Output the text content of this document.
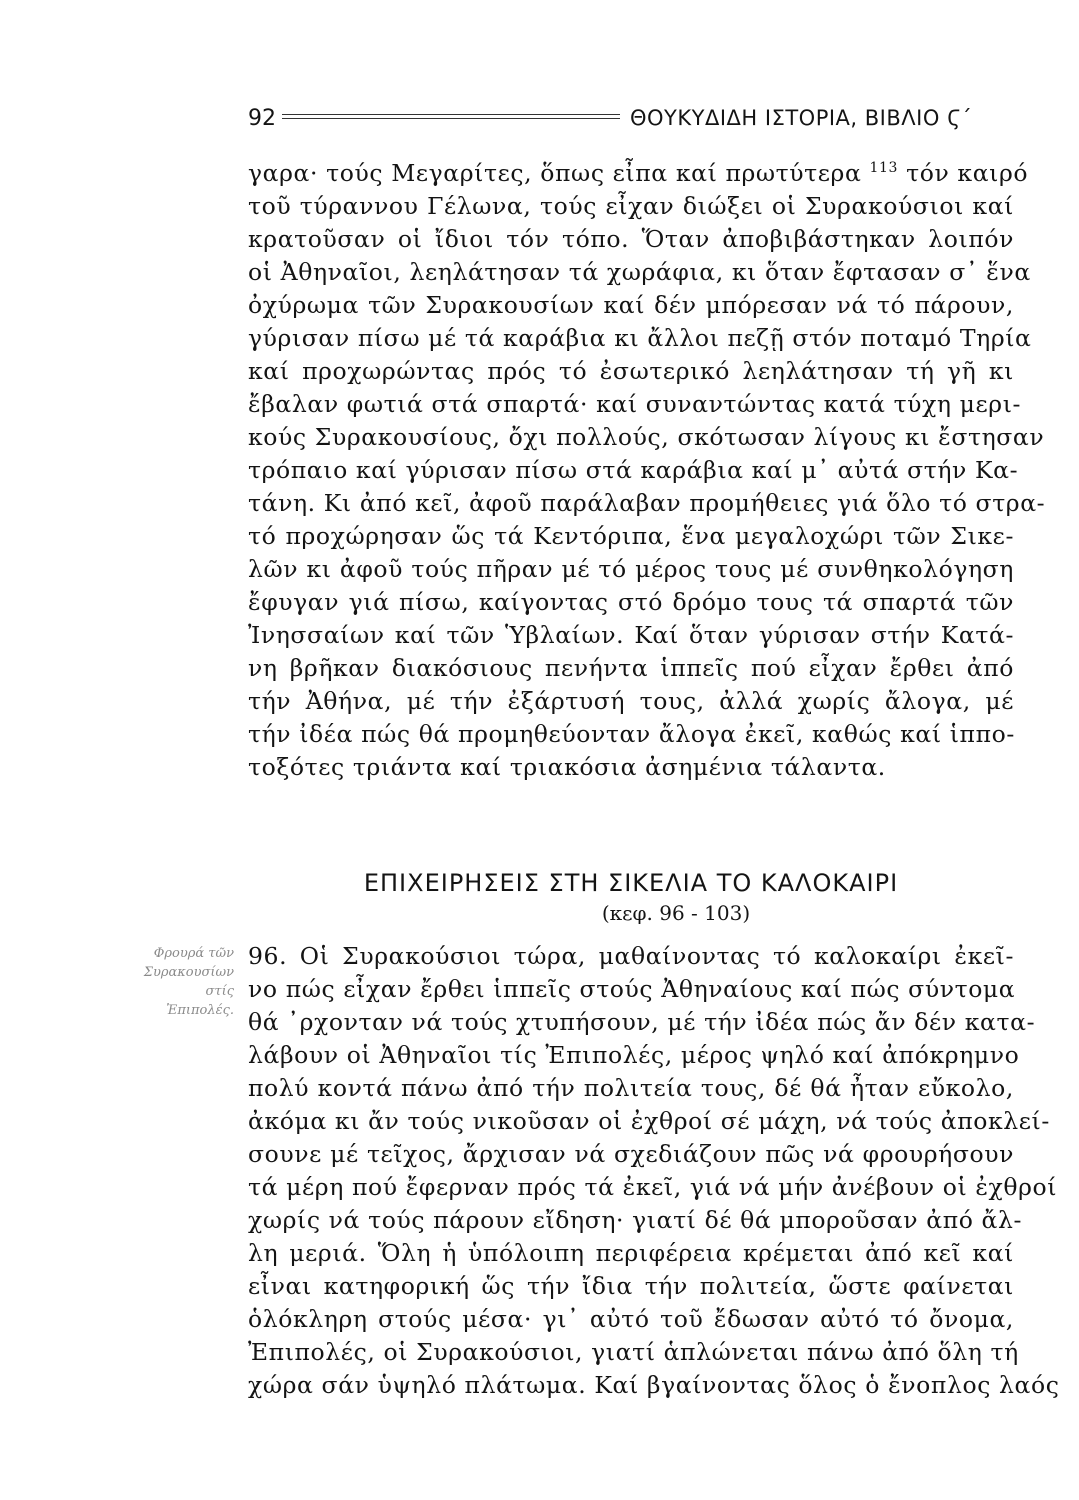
92	ΘΟΥΚΥΔΙΔΗ ΙΣΤΟΡΙΑ, ΒΙΒΛΙΟ Ϛ΄
γαρα· τούς Μεγαρίτες, ὅπως εἶπα καί πρωτύτερα $^{113}$ τόν καιρό
τοῦ τύραννου Γέλωνα, τούς εἶχαν διώξει οἱ Συρακούσιοι καί
κρατοῦσαν οἱ ἴδιοι τόν τόπο. Ὅταν ἀποβιβάστηκαν λοιπόν
οἱ Ἀθηναῖοι, λεηλάτησαν τά χωράφια, κι ὅταν ἔφτασαν σ᾿ ἕνα
ὀχύρωμα τῶν Συρακουσίων καί δέν μπόρεσαν νά τό πάρουν,
γύρισαν πίσω μέ τά καράβια κι ἄλλοι πεζῇ στόν ποταμό Τηρία
καί προχωρώντας πρός τό ἐσωτερικό λεηλάτησαν τή γῆ κι
ἔβαλαν φωτιά στά σπαρτά· καί συναντώντας κατά τύχη μερι-
κούς Συρακουσίους, ὄχι πολλούς, σκότωσαν λίγους κι ἔστησαν
τρόπαιο καί γύρισαν πίσω στά καράβια καί μ᾿ αὐτά στήν Κα-
τάνη. Κι ἀπό κεῖ, ἀφοῦ παράλαβαν προμήθειες γιά ὅλο τό στρα-
τό προχώρησαν ὥς τά Κεντόριπα, ἕνα μεγαλοχώρι τῶν Σικε-
λῶν κι ἀφοῦ τούς πῆραν μέ τό μέρος τους μέ συνθηκολόγηση
ἔφυγαν γιά πίσω, καίγοντας στό δρόμο τους τά σπαρτά τῶν
Ἰνησσαίων καί τῶν Ὑβλαίων. Καί ὅταν γύρισαν στήν Κατά-
νη βρῆκαν διακόσιους πενήντα ἱππεῖς πού εἶχαν ἔρθει ἀπό
τήν Ἀθήνα, μέ τήν ἐξάρτυσή τους, ἀλλά χωρίς ἄλογα, μέ
τήν ἰδέα πώς θά προμηθεύονταν ἄλογα ἐκεῖ, καθώς καί ἱππο-
τοξότες τριάντα καί τριακόσια ἀσημένια τάλαντα.
ΕΠΙΧΕΙΡΗΣΕΙΣ ΣΤΗ ΣΙΚΕΛΙΑ ΤΟ ΚΑΛΟΚΑΙΡΙ
(κεφ. 96 - 103)
Φρουρά τῶν
Συρακουσίων
στίς
Ἐπιπολές.
96. Οἱ Συρακούσιοι τώρα, μαθαίνοντας τό καλοκαίρι ἐκεῖ-
νο πώς εἶχαν ἔρθει ἱππεῖς στούς Ἀθηναίους καί πώς σύντομα
θά ᾿ρχονταν νά τούς χτυπήσουν, μέ τήν ἰδέα πώς ἄν δέν κατα-
λάβουν οἱ Ἀθηναῖοι τίς Ἐπιπολές, μέρος ψηλό καί ἀπόκρημνο
πολύ κοντά πάνω ἀπό τήν πολιτεία τους, δέ θά ἦταν εὔκολο,
ἀκόμα κι ἄν τούς νικοῦσαν οἱ ἐχθροί σέ μάχη, νά τούς ἀποκλεί-
σουνε μέ τεῖχος, ἄρχισαν νά σχεδιάζουν πῶς νά φρουρήσουν
τά μέρη πού ἔφερναν πρός τά ἐκεῖ, γιά νά μήν ἀνέβουν οἱ ἐχθροί
χωρίς νά τούς πάρουν εἴδηση· γιατί δέ θά μποροῦσαν ἀπό ἄλ-
λη μεριά. Ὅλη ἡ ὑπόλοιπη περιφέρεια κρέμεται ἀπό κεῖ καί
εἶναι κατηφορική ὥς τήν ἴδια τήν πολιτεία, ὥστε φαίνεται
ὁλόκληρη στούς μέσα· γι᾿ αὐτό τοῦ ἔδωσαν αὐτό τό ὄνομα,
Ἐπιπολές, οἱ Συρακούσιοι, γιατί ἁπλώνεται πάνω ἀπό ὅλη τή
χώρα σάν ὑψηλό πλάτωμα. Καί βγαίνοντας ὅλος ὁ ἔνοπλος λαός
